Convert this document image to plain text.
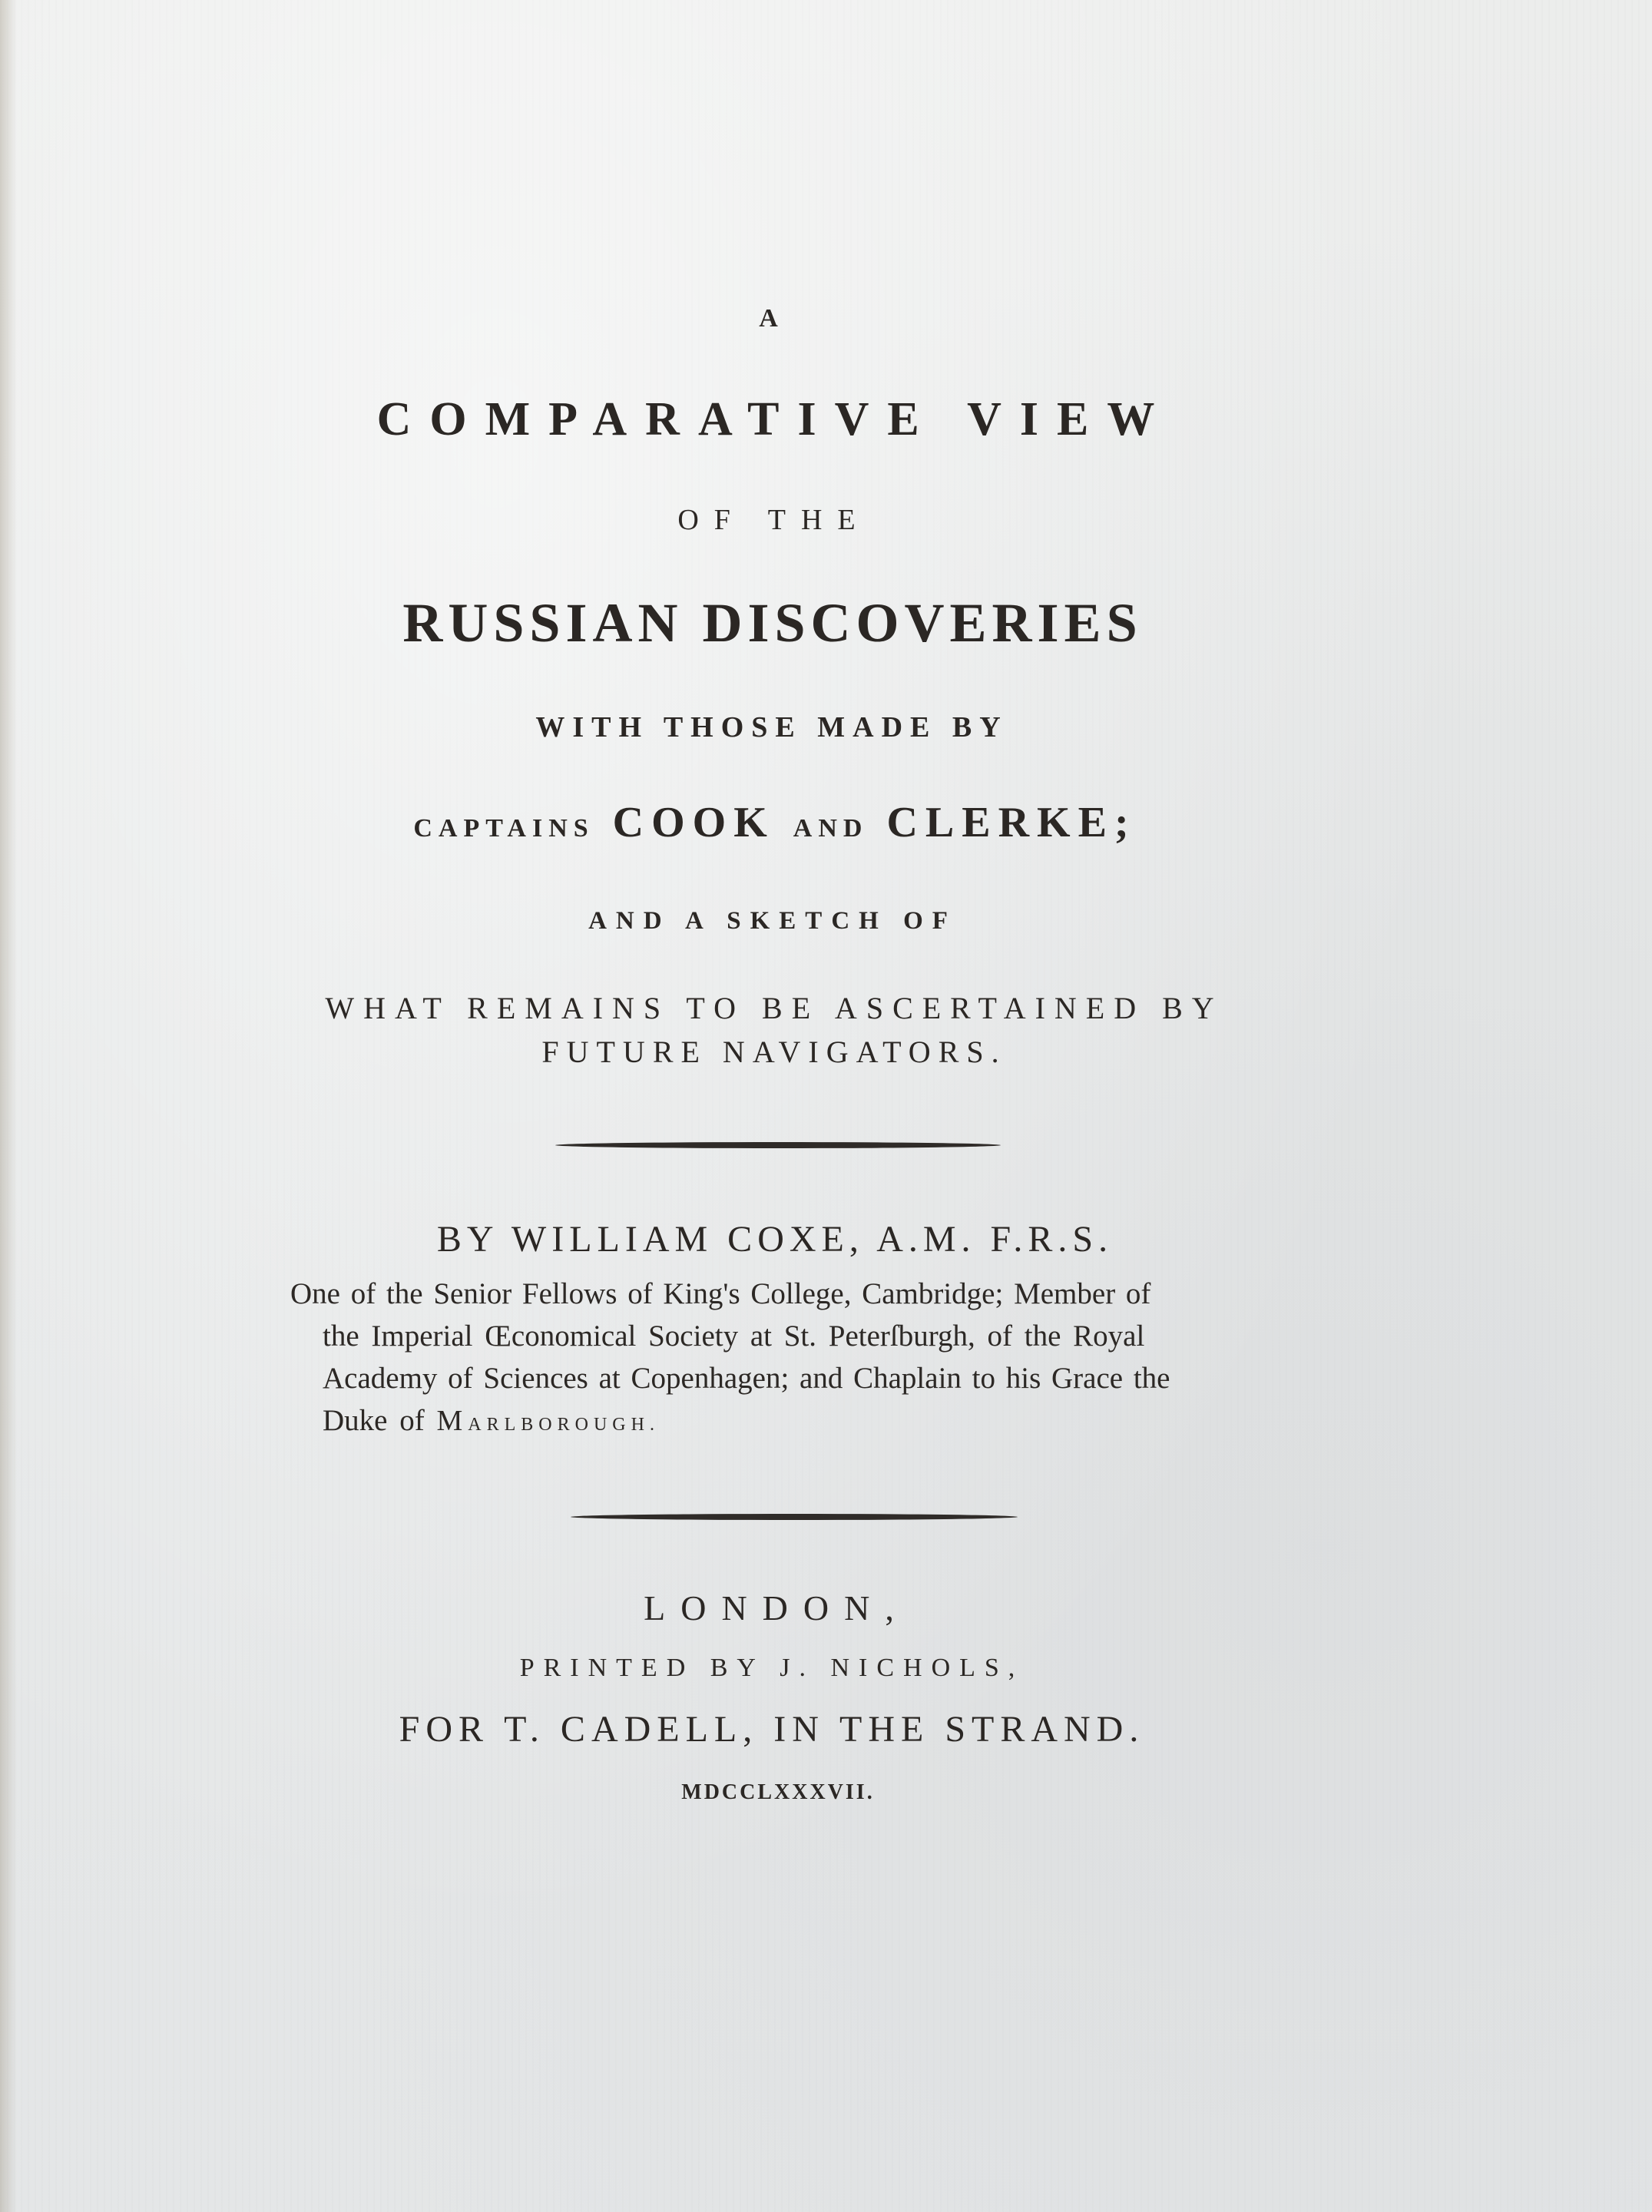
A
COMPARATIVE VIEW
OF THE
RUSSIAN DISCOVERIES
WITH THOSE MADE BY
CAPTAINS COOK AND CLERKE;
AND A SKETCH OF
WHAT REMAINS TO BE ASCERTAINED BY
FUTURE NAVIGATORS.
BY WILLIAM COXE, A.M. F.R.S.
One of the Senior Fellows of King's College, Cambridge; Member of
the Imperial Œconomical Society at St. Peterſburgh, of the Royal
Academy of Sciences at Copenhagen; and Chaplain to his Grace the
Duke of MARLBOROUGH.
LONDON,
PRINTED BY J. NICHOLS,
FOR T. CADELL, IN THE STRAND.
MDCCLXXXVII.
